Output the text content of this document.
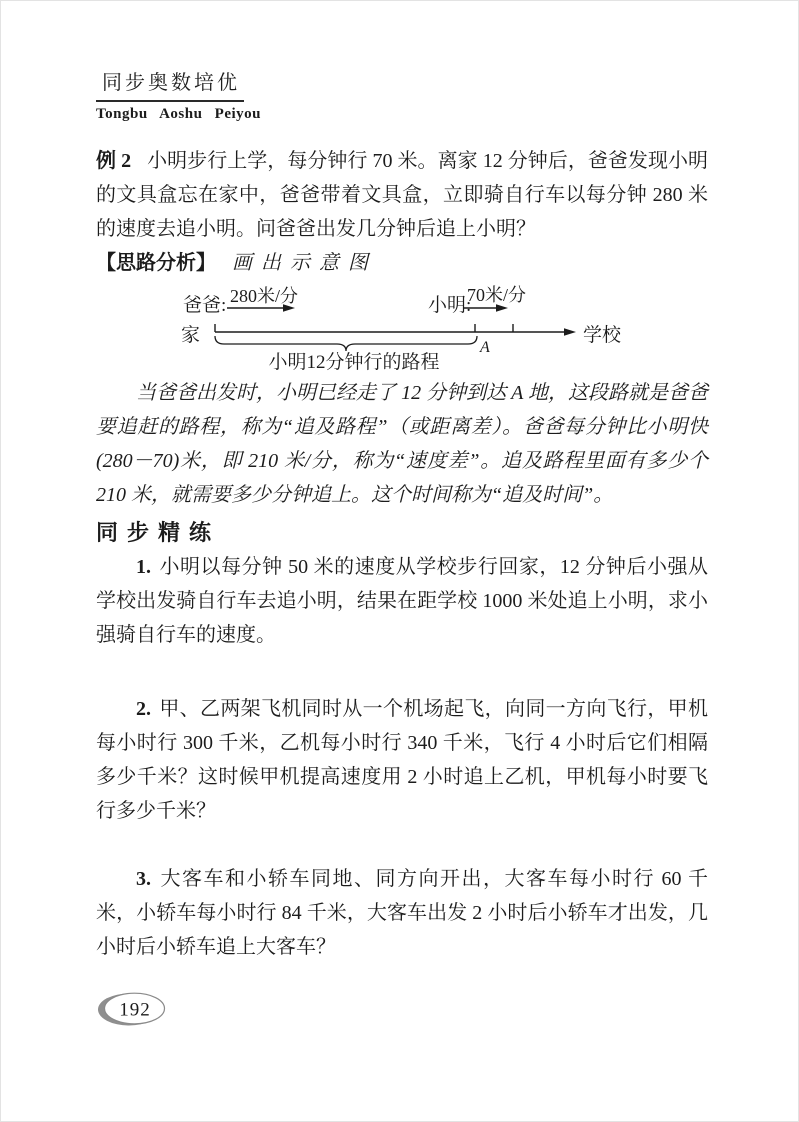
同步奥数培优
Tongbu Aoshu Peiyou

例 2 小明步行上学，每分钟行 70 米。离家 12 分钟后，爸爸发现小明的文具盒忘在家中，爸爸带着文具盒，立即骑自行车以每分钟 280 米的速度去追小明。问爸爸出发几分钟后追上小明？

【思路分析】 画出示意图

爸爸: 280米/分	小明:
70米/分
家	学校
A
小明12分钟行的路程

当爸爸出发时，小明已经走了 12 分钟到达 A 地，这段路就是爸爸要追赶的路程，称为“追及路程”（或距离差）。爸爸每分钟比小明快(280－70)米，即 210 米/分，称为“速度差”。追及路程里面有多少个 210 米，就需要多少分钟追上。这个时间称为“追及时间”。

同步精练

1. 小明以每分钟 50 米的速度从学校步行回家，12 分钟后小强从学校出发骑自行车去追小明，结果在距学校 1000 米处追上小明，求小强骑自行车的速度。

2. 甲、乙两架飞机同时从一个机场起飞，向同一方向飞行，甲机每小时行 300 千米，乙机每小时行 340 千米，飞行 4 小时后它们相隔多少千米？这时候甲机提高速度用 2 小时追上乙机，甲机每小时要飞行多少千米？

3. 大客车和小轿车同地、同方向开出，大客车每小时行 60 千米，小轿车每小时行 84 千米，大客车出发 2 小时后小轿车才出发，几小时后小轿车追上大客车？

192
